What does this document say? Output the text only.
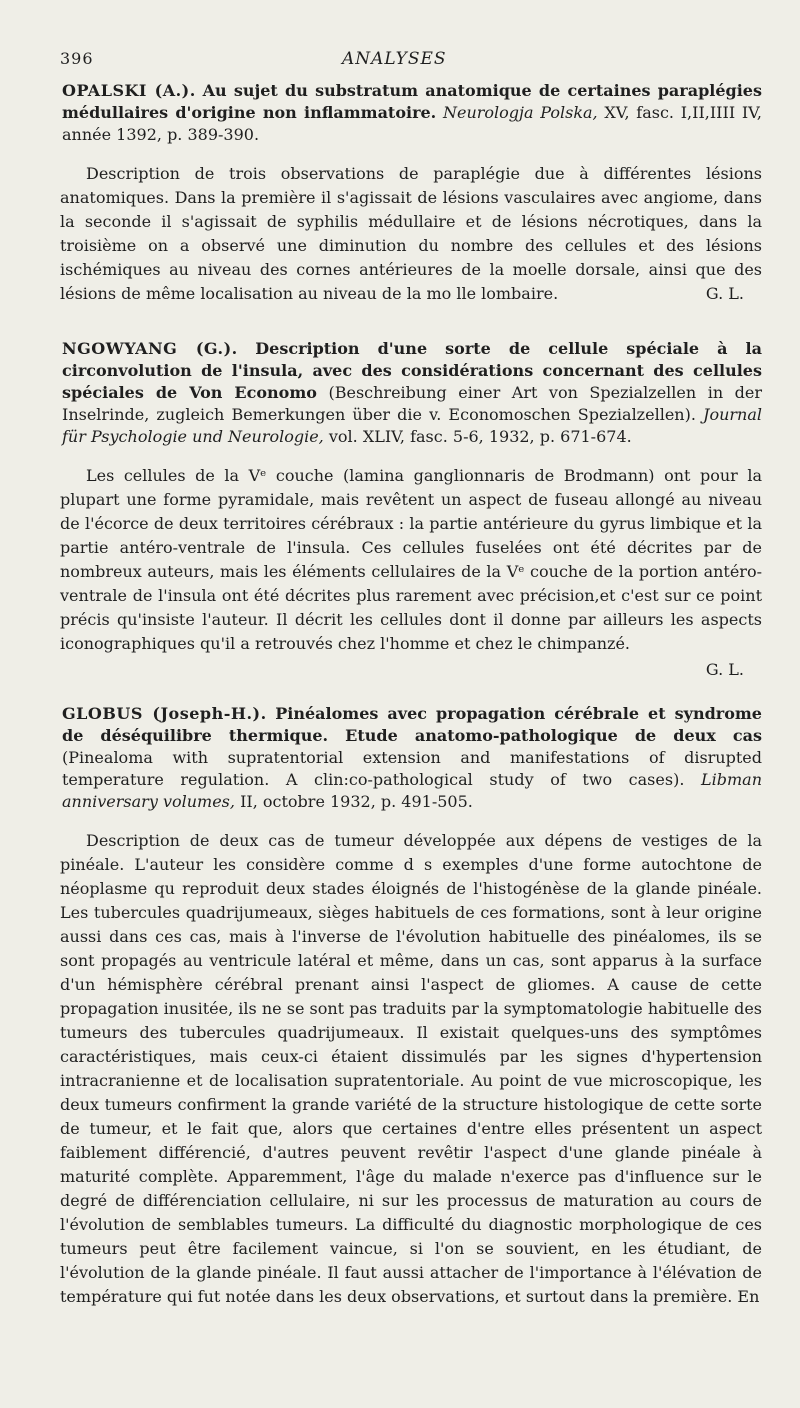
396	ANALYSES

OPALSKI (A.). Au sujet du substratum anatomique de certaines paraplégies médullaires d'origine non inflammatoire. Neurologja Polska, XV, fasc. I,II,IIII IV, année 1392, p. 389-390.

Description de trois observations de paraplégie due à différentes lésions anatomiques. Dans la première il s'agissait de lésions vasculaires avec angiome, dans la seconde il s'agissait de syphilis médullaire et de lésions nécrotiques, dans la troisième on a observé une diminution du nombre des cellules et des lésions ischémiques au niveau des cornes antérieures de la moelle dorsale, ainsi que des lésions de même localisation au niveau de la mo lle lombaire.	G. L.

NGOWYANG (G.). Description d'une sorte de cellule spéciale à la circonvolution de l'insula, avec des considérations concernant des cellules spéciales de Von Economo (Beschreibung einer Art von Spezialzellen in der Inselrinde, zugleich Bemerkungen über die v. Economoschen Spezialzellen). Journal für Psychologie und Neurologie, vol. XLIV, fasc. 5-6, 1932, p. 671-674.

Les cellules de la Vᵉ couche (lamina ganglionnaris de Brodmann) ont pour la plupart une forme pyramidale, mais revêtent un aspect de fuseau allongé au niveau de l'écorce de deux territoires cérébraux : la partie antérieure du gyrus limbique et la partie antéro-ventrale de l'insula. Ces cellules fuselées ont été décrites par de nombreux auteurs, mais les éléments cellulaires de la Vᵉ couche de la portion antéro-ventrale de l'insula ont été décrites plus rarement avec précision,et c'est sur ce point précis qu'insiste l'auteur. Il décrit les cellules dont il donne par ailleurs les aspects iconographiques qu'il a retrouvés chez l'homme et chez le chimpanzé.

G. L.

GLOBUS (Joseph-H.). Pinéalomes avec propagation cérébrale et syndrome de déséquilibre thermique. Etude anatomo-pathologique de deux cas (Pinealoma with supratentorial extension and manifestations of disrupted temperature regulation. A clin:co-pathological study of two cases). Libman anniversary volumes, II, octobre 1932, p. 491-505.

Description de deux cas de tumeur développée aux dépens de vestiges de la pinéale. L'auteur les considère comme d s exemples d'une forme autochtone de néoplasme qu reproduit deux stades éloignés de l'histogénèse de la glande pinéale. Les tubercules quadrijumeaux, sièges habituels de ces formations, sont à leur origine aussi dans ces cas, mais à l'inverse de l'évolution habituelle des pinéalomes, ils se sont propagés au ventricule latéral et même, dans un cas, sont apparus à la surface d'un hémisphère cérébral prenant ainsi l'aspect de gliomes. A cause de cette propagation inusitée, ils ne se sont pas traduits par la symptomatologie habituelle des tumeurs des tubercules quadrijumeaux. Il existait quelques-uns des symptômes caractéristiques, mais ceux-ci étaient dissimulés par les signes d'hypertension intracranienne et de localisation supratentoriale. Au point de vue microscopique, les deux tumeurs confirment la grande variété de la structure histologique de cette sorte de tumeur, et le fait que, alors que certaines d'entre elles présentent un aspect faiblement différencié, d'autres peuvent revêtir l'aspect d'une glande pinéale à maturité complète. Apparemment, l'âge du malade n'exerce pas d'influence sur le degré de différenciation cellulaire, ni sur les processus de maturation au cours de l'évolution de semblables tumeurs. La difficulté du diagnostic morphologique de ces tumeurs peut être facilement vaincue, si l'on se souvient, en les étudiant, de l'évolution de la glande pinéale. Il faut aussi attacher de l'importance à l'élévation de température qui fut notée dans les deux observations, et surtout dans la première. En
